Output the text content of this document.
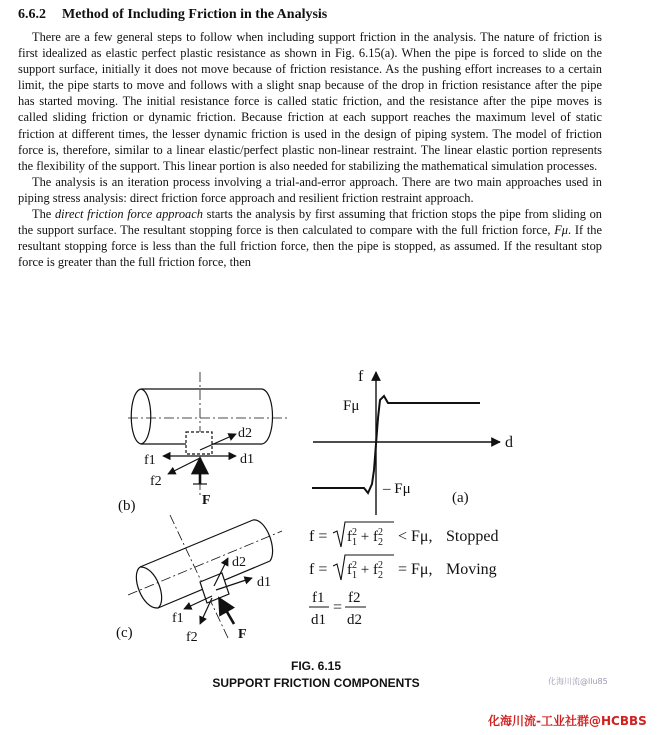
6.6.2 Method of Including Friction in the Analysis

There are a few general steps to follow when including support friction in the analysis. The nature of friction is first idealized as elastic perfect plastic resistance as shown in Fig. 6.15(a). When the pipe is forced to slide on the support surface, initially it does not move because of friction resistance. As the pushing effort increases to a certain limit, the pipe starts to move and follows with a slight snap because of the drop in friction resistance after the pipe has started moving. The initial resistance force is called static friction, and the resistance after the pipe moves is called sliding friction or dynamic friction. Because friction at each support reaches the maximum level of static friction at different times, the lesser dynamic friction is used in the design of piping system. The model of friction force is, therefore, similar to a linear elastic/perfect plastic non-linear restraint. The linear elastic portion represents the flexibility of the support. This linear portion is also needed for stabilizing the mathematical simulation processes.

The analysis is an iteration process involving a trial-and-error approach. There are two main approaches used in piping stress analysis: direct friction force approach and resilient friction restraint approach.

The direct friction force approach starts the analysis by first assuming that friction stops the pipe from sliding on the support surface. The resultant stopping force is then calculated to compare with the full friction force, Fμ. If the resultant stopping force is less than the full friction force, then the pipe is stopped, as assumed. If the resultant stop force is greater than the full friction force, then

f
d
Fμ
– Fμ
(a)
d2
d1
f1
f2
F
(b)
d2
d1
f1
f2	F
(c)
$f = f^2$ $1 + f^2$ 2 < Fμ, Stopped
$f = f^2$ $1 + f^2$ 2 = Fμ, Moving
f1
d1
=
f2
d2
FIG. 6.15
SUPPORT FRICTION COMPONENTS	化海川流@llu85
化海川流-工业社群@HCBBS
